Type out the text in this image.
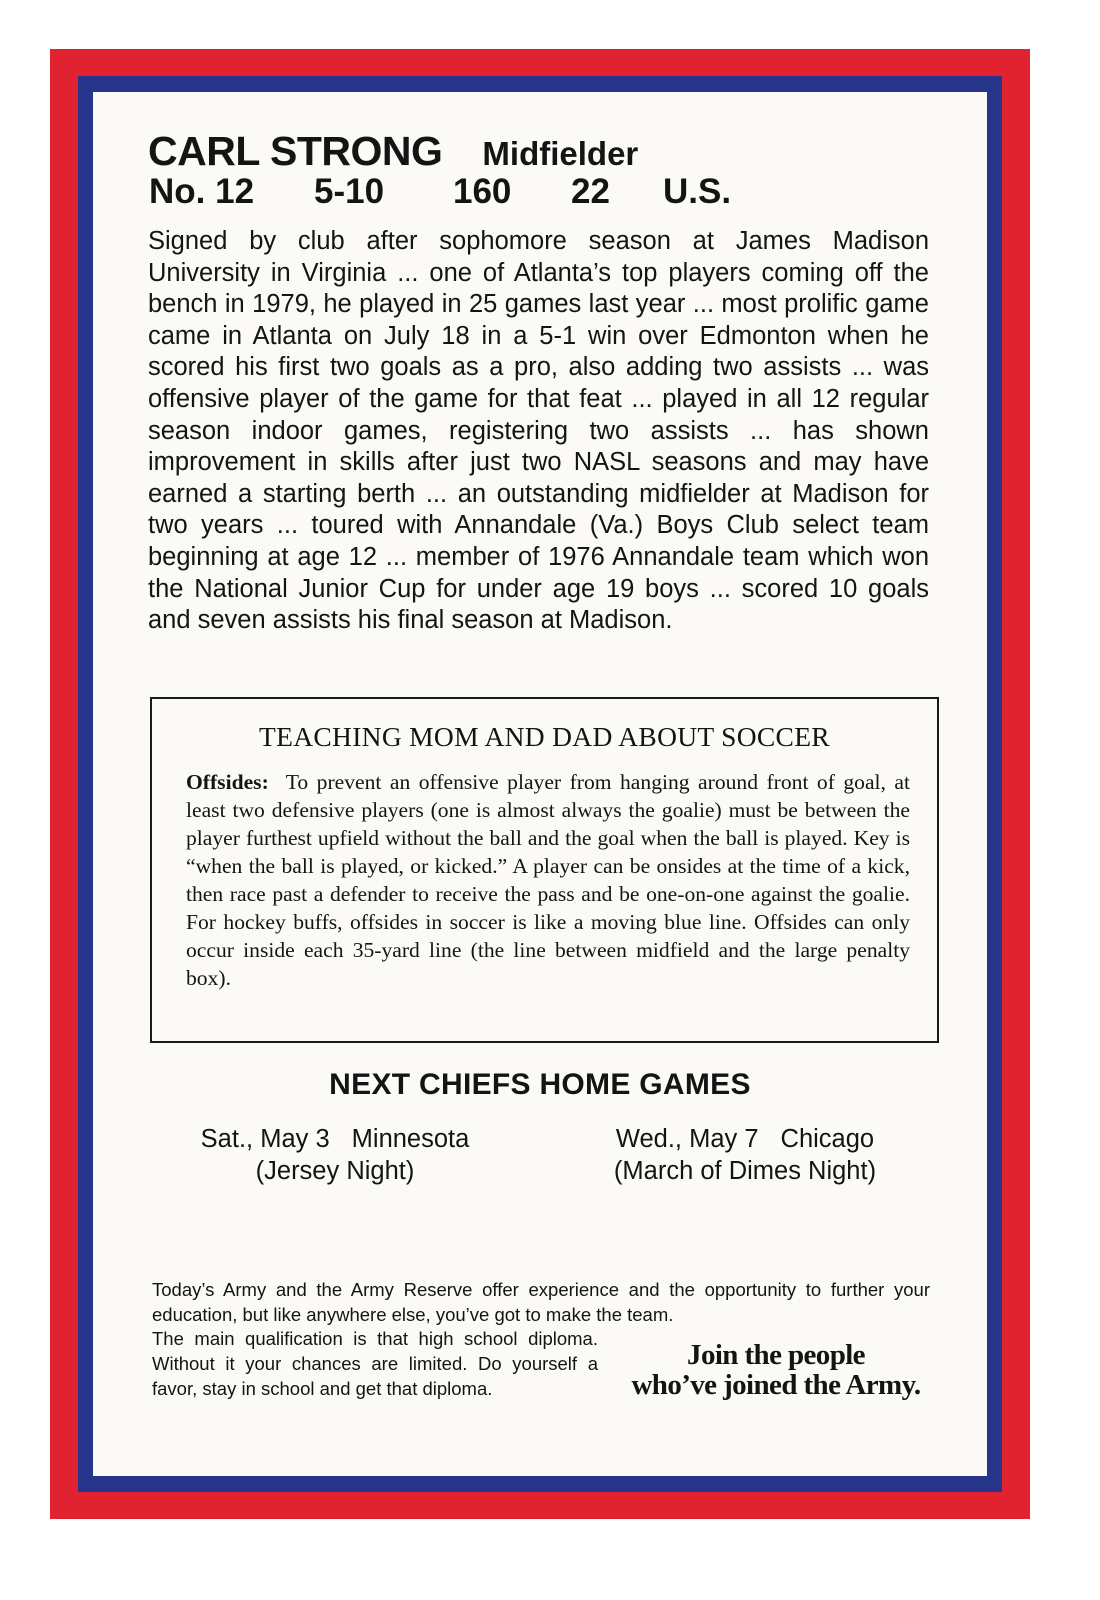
CARL STRONG Midfielder
No. 12 5-10 160 22 U.S.

Signed by club after sophomore season at James Madison University in Virginia ... one of Atlanta’s top players coming off the bench in 1979, he played in 25 games last year ... most prolific game came in Atlanta on July 18 in a 5-1 win over Edmonton when he scored his first two goals as a pro, also adding two assists ... was offensive player of the game for that feat ... played in all 12 regular season indoor games, registering two assists ... has shown improvement in skills after just two NASL seasons and may have earned a starting berth ... an outstanding midfielder at Madison for two years ... toured with Annandale (Va.) Boys Club select team beginning at age 12 ... member of 1976 Annandale team which won the National Junior Cup for under age 19 boys ... scored 10 goals and seven assists his final season at Madison.

TEACHING MOM AND DAD ABOUT SOCCER

Offsides: To prevent an offensive player from hanging around front of goal, at least two defensive players (one is almost always the goalie) must be between the player furthest upfield without the ball and the goal when the ball is played. Key is “when the ball is played, or kicked.” A player can be onsides at the time of a kick, then race past a defender to receive the pass and be one-on-one against the goalie. For hockey buffs, offsides in soccer is like a moving blue line. Offsides can only occur inside each 35-yard line (the line between midfield and the large penalty box).

NEXT CHIEFS HOME GAMES
Sat., May 3 Minnesota
(Jersey Night)
Wed., May 7 Chicago
(March of Dimes Night)

Today’s Army and the Army Reserve offer experience and the opportunity to further your education, but like anywhere else, you’ve got to make the team.

The main qualification is that high school diploma. Without it your chances are limited. Do yourself a favor, stay in school and get that diploma.

Join the people
who’ve joined the Army.
